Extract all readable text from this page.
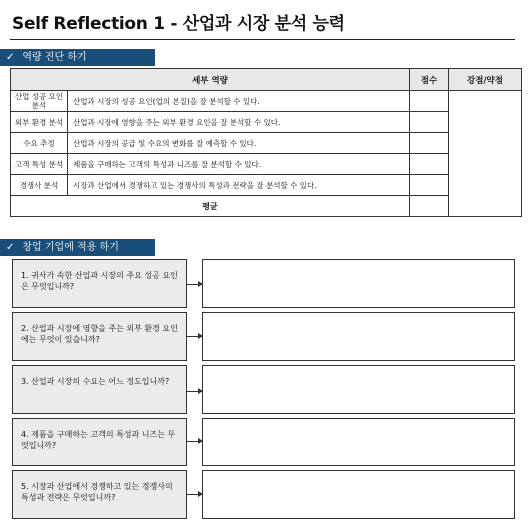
Self Reflection 1 - 산업과 시장 분석 능력
✓ 역량 진단 하기
세부 역량		점수	강점/약점
산업 성공 요인 분석	산업과 시장의 성공 요인(업의 본질)을 잘 분석할 수 있다.		
외부 환경 분석	산업과 시장에 영향을 주는 외부 환경 요인을 잘 분석할 수 있다.		
수요 추정	산업과 시장의 공급 및 수요의 변화를 잘 예측할 수 있다.		
고객 특성 분석	제품을 구매하는 고객의 특성과 니즈를 잘 분석할 수 있다.		
경쟁사 분석	시장과 산업에서 경쟁하고 있는 경쟁사의 특성과 전략을 잘 분석할 수 있다.		
평균			
✓ 창업 기업에 적용 하기
1. 귀사가 속한 산업과 시장의 주요 성공 요인은 무엇입니까?
2. 산업과 시장에 영향을 주는 외부 환경 요인에는 무엇이 있습니까?
3. 산업과 시장의 수요는 어느 정도입니까?
4. 제품을 구매하는 고객의 특성과 니즈는 무엇입니까?
5. 시장과 산업에서 경쟁하고 있는 경쟁사의 특성과 전략은 무엇입니까?
